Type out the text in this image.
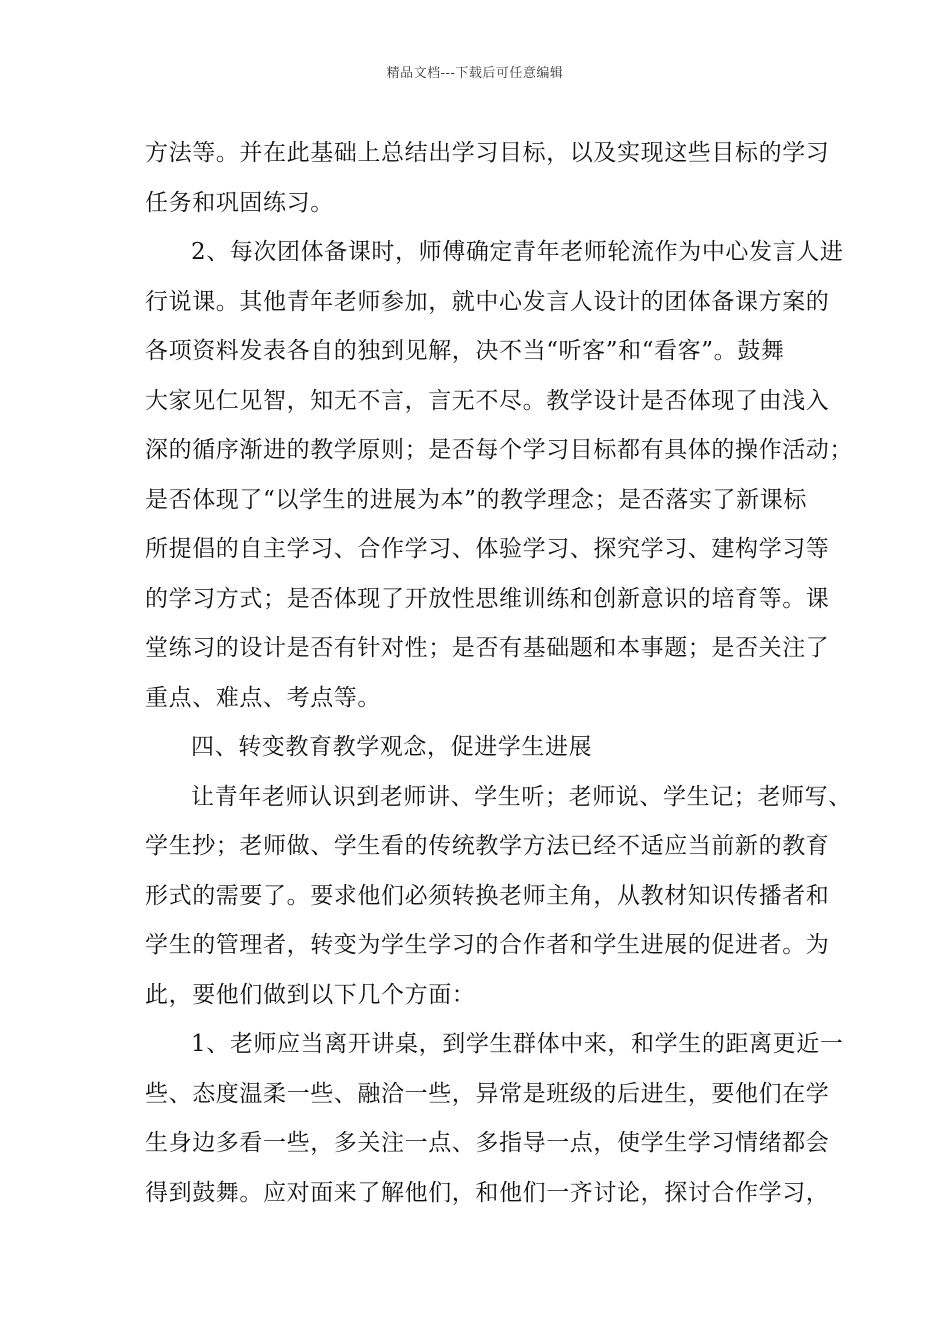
精品文档---下载后可任意编辑
方法等。并在此基础上总结出学习目标，以及实现这些目标的学习
任务和巩固练习。
2、每次团体备课时，师傅确定青年老师轮流作为中心发言人进
行说课。其他青年老师参加，就中心发言人设计的团体备课方案的
各项资料发表各自的独到见解，决不当“听客”和“看客”。鼓舞
大家见仁见智，知无不言，言无不尽。教学设计是否体现了由浅入
深的循序渐进的教学原则；是否每个学习目标都有具体的操作活动；
是否体现了“以学生的进展为本”的教学理念；是否落实了新课标
所提倡的自主学习、合作学习、体验学习、探究学习、建构学习等
的学习方式；是否体现了开放性思维训练和创新意识的培育等。课
堂练习的设计是否有针对性；是否有基础题和本事题；是否关注了
重点、难点、考点等。
四、转变教育教学观念，促进学生进展
让青年老师认识到老师讲、学生听；老师说、学生记；老师写、
学生抄；老师做、学生看的传统教学方法已经不适应当前新的教育
形式的需要了。要求他们必须转换老师主角，从教材知识传播者和
学生的管理者，转变为学生学习的合作者和学生进展的促进者。为
此，要他们做到以下几个方面：
1、老师应当离开讲桌，到学生群体中来，和学生的距离更近一
些、态度温柔一些、融洽一些，异常是班级的后进生，要他们在学
生身边多看一些，多关注一点、多指导一点，使学生学习情绪都会
得到鼓舞。应对面来了解他们，和他们一齐讨论，探讨合作学习，
